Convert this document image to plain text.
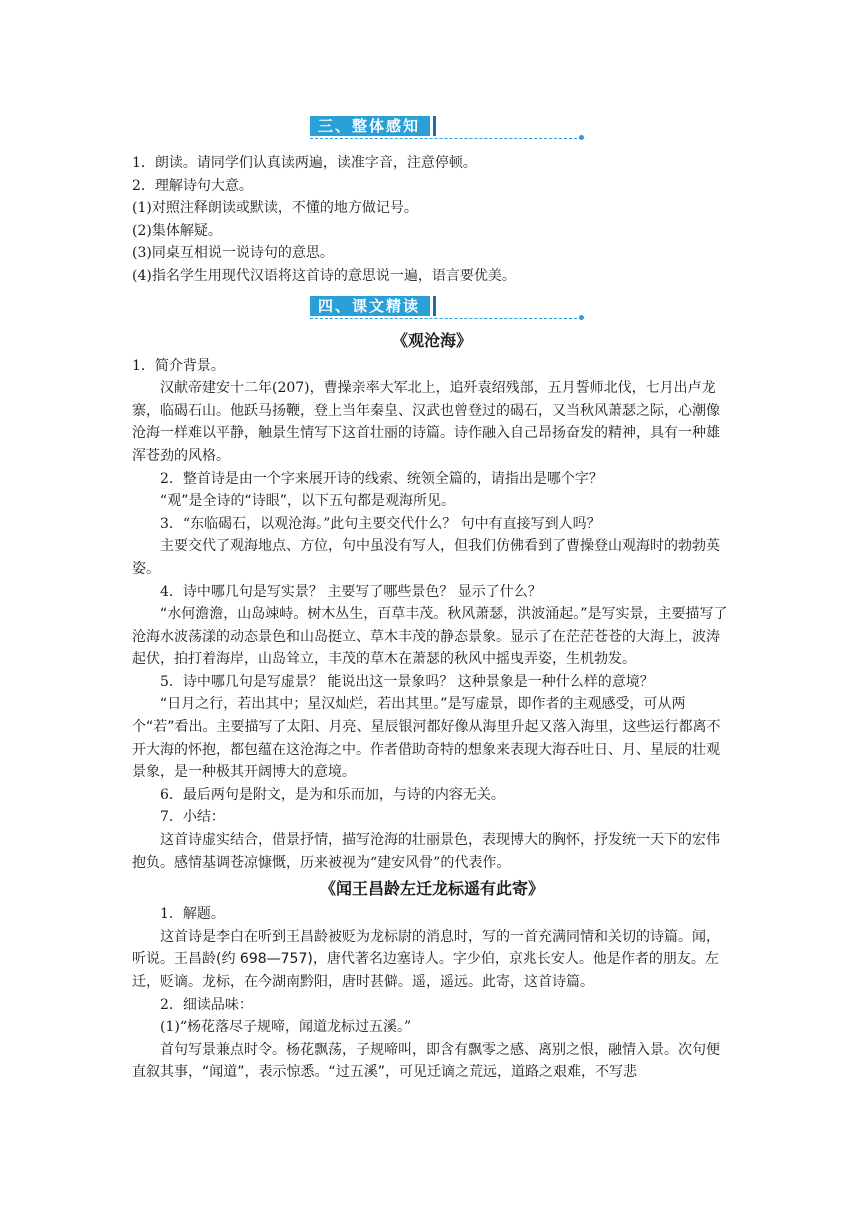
三、整体感知

1．朗读。请同学们认真读两遍，读准字音，注意停顿。

2．理解诗句大意。

(1)对照注释朗读或默读，不懂的地方做记号。

(2)集体解疑。

(3)同桌互相说一说诗句的意思。

(4)指名学生用现代汉语将这首诗的意思说一遍，语言要优美。

四、课文精读
《观沧海》

1．简介背景。

汉献帝建安十二年(207)，曹操亲率大军北上，追歼袁绍残部，五月誓师北伐，七月出卢龙寨，临碣石山。他跃马扬鞭，登上当年秦皇、汉武也曾登过的碣石，又当秋风萧瑟之际，心潮像沧海一样难以平静，触景生情写下这首壮丽的诗篇。诗作融入自己昂扬奋发的精神，具有一种雄浑苍劲的风格。

2．整首诗是由一个字来展开诗的线索、统领全篇的，请指出是哪个字？

“观”是全诗的“诗眼”，以下五句都是观海所见。

3．“东临碣石，以观沧海。”此句主要交代什么？ 句中有直接写到人吗？

主要交代了观海地点、方位，句中虽没有写人，但我们仿佛看到了曹操登山观海时的勃勃英姿。

4．诗中哪几句是写实景？ 主要写了哪些景色？ 显示了什么？

“水何澹澹，山岛竦峙。树木丛生，百草丰茂。秋风萧瑟，洪波涌起。”是写实景，主要描写了沧海水波荡漾的动态景色和山岛挺立、草木丰茂的静态景象。显示了在茫茫苍苍的大海上，波涛起伏，拍打着海岸，山岛耸立，丰茂的草木在萧瑟的秋风中摇曳弄姿，生机勃发。

5．诗中哪几句是写虚景？ 能说出这一景象吗？ 这种景象是一种什么样的意境？

“日月之行，若出其中；星汉灿烂，若出其里。”是写虚景，即作者的主观感受，可从两个“若”看出。主要描写了太阳、月亮、星辰银河都好像从海里升起又落入海里，这些运行都离不开大海的怀抱，都包蕴在这沧海之中。作者借助奇特的想象来表现大海吞吐日、月、星辰的壮观景象，是一种极其开阔博大的意境。

6．最后两句是附文，是为和乐而加，与诗的内容无关。

7．小结：

这首诗虚实结合，借景抒情，描写沧海的壮丽景色，表现博大的胸怀，抒发统一天下的宏伟抱负。感情基调苍凉慷慨，历来被视为“建安风骨”的代表作。

《闻王昌龄左迁龙标遥有此寄》

1．解题。

这首诗是李白在听到王昌龄被贬为龙标尉的消息时，写的一首充满同情和关切的诗篇。闻，听说。王昌龄(约 698—757)，唐代著名边塞诗人。字少伯，京兆长安人。他是作者的朋友。左迁，贬谪。龙标，在今湖南黔阳，唐时甚僻。遥，遥远。此寄，这首诗篇。

2．细读品味：

(1)“杨花落尽子规啼，闻道龙标过五溪。”

首句写景兼点时令。杨花飘荡，子规啼叫，即含有飘零之感、离别之恨，融情入景。次句便直叙其事，“闻道”，表示惊悉。“过五溪”，可见迁谪之荒远，道路之艰难，不写悲
